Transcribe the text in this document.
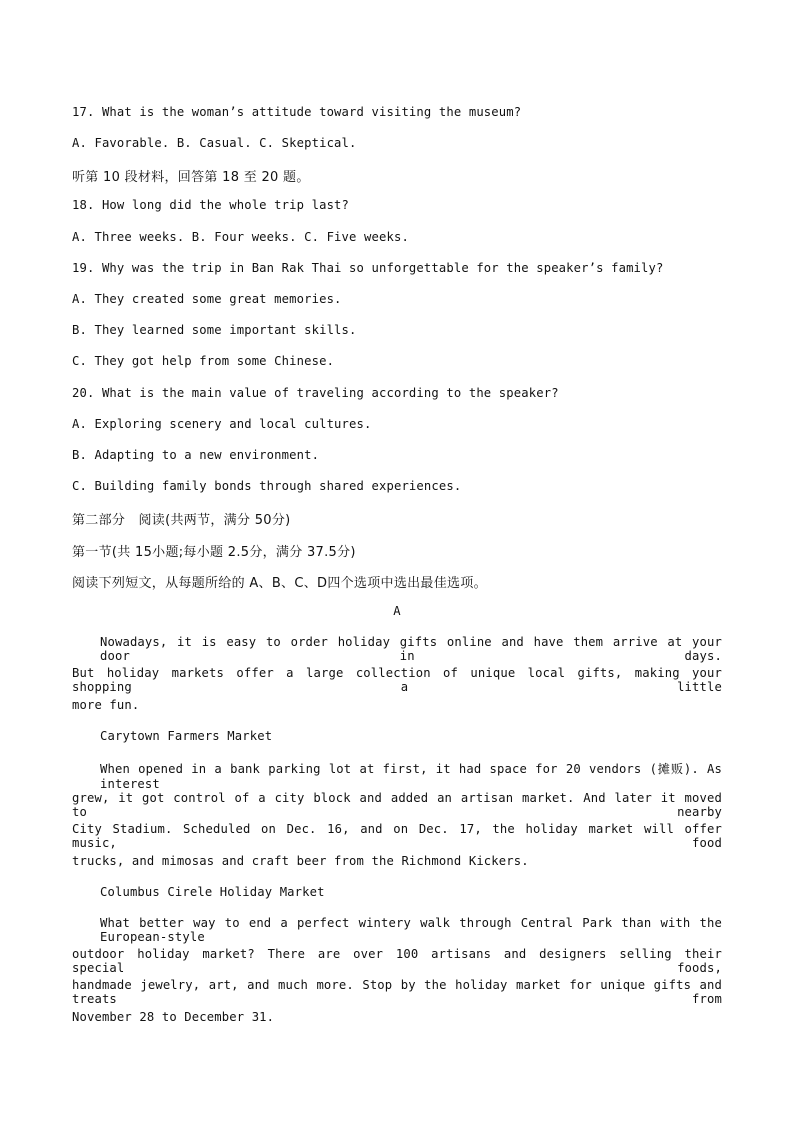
17. What is the woman’s attitude toward visiting the museum?
A. Favorable. B. Casual. C. Skeptical.
听第 10 段材料，回答第 18 至 20 题。
18. How long did the whole trip last?
A. Three weeks. B. Four weeks. C. Five weeks.
19. Why was the trip in Ban Rak Thai so unforgettable for the speaker’s family?
A. They created some great memories.
B. They learned some important skills.
C. They got help from some Chinese.
20. What is the main value of traveling according to the speaker?
A. Exploring scenery and local cultures.
B. Adapting to a new environment.
C. Building family bonds through shared experiences.
第二部分　阅读(共两节，满分 50分)
第一节(共 15小题;每小题 2.5分，满分 37.5分)
阅读下列短文，从每题所给的 A、B、C、D四个选项中选出最佳选项。
A
Nowadays, it is easy to order holiday gifts online and have them arrive at your door in days.
But holiday markets offer a large collection of unique local gifts, making your shopping a little
more fun.
Carytown Farmers Market
When opened in a bank parking lot at first, it had space for 20 vendors (摊贩). As interest
grew, it got control of a city block and added an artisan market. And later it moved to nearby
City Stadium. Scheduled on Dec. 16, and on Dec. 17, the holiday market will offer music, food
trucks, and mimosas and craft beer from the Richmond Kickers.
Columbus Cirele Holiday Market
What better way to end a perfect wintery walk through Central Park than with the European-style
outdoor holiday market? There are over 100 artisans and designers selling their special foods,
handmade jewelry, art, and much more. Stop by the holiday market for unique gifts and treats from
November 28 to December 31.
